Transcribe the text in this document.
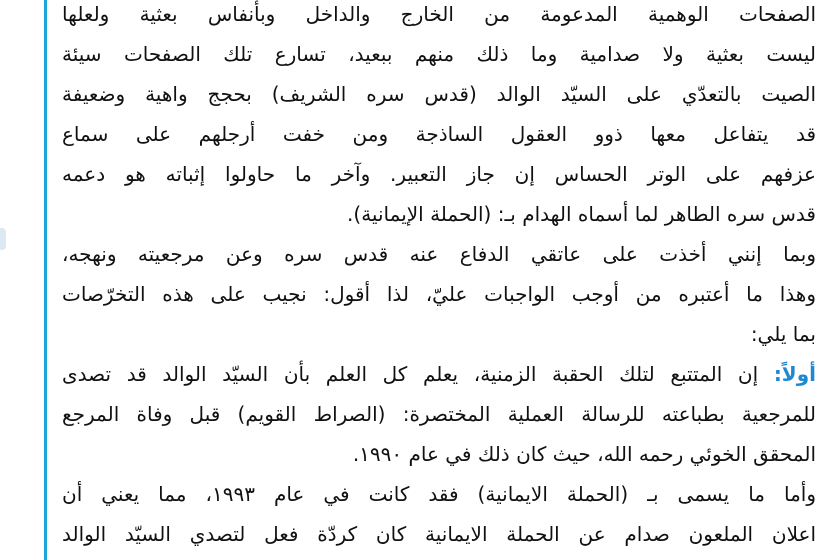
الصفحات الوهمية المدعومة من الخارج والداخل وبأنفاس بعثية ولعلها
ليست بعثية ولا صدامية وما ذلك منهم ببعيد، تسارع تلك الصفحات سيئة
الصيت بالتعدّي على السيّد الوالد (قدس سره الشريف) بحجج واهية وضعيفة
قد يتفاعل معها ذوو العقول الساذجة ومن خفت أرجلهم على سماع
عزفهم على الوتر الحساس إن جاز التعبير. وآخر ما حاولوا إثباته هو دعمه
قدس سره الطاهر لما أسماه الهدام بـ: (الحملة الإيمانية).
وبما إنني أخذت على عاتقي الدفاع عنه قدس سره وعن مرجعيته ونهجه،
وهذا ما أعتبره من أوجب الواجبات عليّ، لذا أقول: نجيب على هذه التخرّصات
بما يلي:
أولاً: إن المتتبع لتلك الحقبة الزمنية، يعلم كل العلم بأن السيّد الوالد قد تصدى
للمرجعية بطباعته للرسالة العملية المختصرة: (الصراط القويم) قبل وفاة المرجع
المحقق الخوئي رحمه الله، حيث كان ذلك في عام ١٩٩٠.
وأما ما يسمى بـ (الحملة الايمانية) فقد كانت في عام ١٩٩٣، مما يعني أن
اعلان الملعون صدام عن الحملة الايمانية كان كردّة فعل لتصدي السيّد الوالد
